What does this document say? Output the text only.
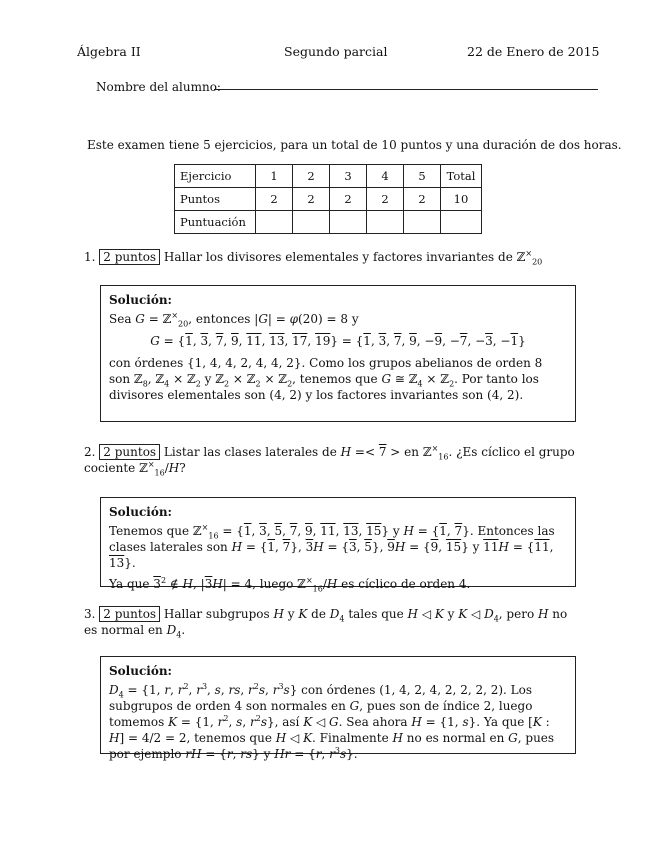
Álgebra II	Segundo parcial	22 de Enero de 2015
Nombre del alumno:
Este examen tiene 5 ejercicios, para un total de 10 puntos y una duración de dos horas.
Ejercicio	1	2	3	4	5	Total
Puntos	2	2	2	2	2	10
Puntuación						
1. 2 puntos Hallar los divisores elementales y factores invariantes de ℤ×$_{20}$
Solución:
Sea G = ℤ×$_{20}$, entonces |G| = φ(20) = 8 y
G = {1, 3, 7, 9, 11, 13, 17, 19} = {1, 3, 7, 9, −9, −7, −3, −1}
con órdenes {1, 4, 4, 2, 4, 4, 2}. Como los grupos abelianos de orden 8 son ℤ$_8$, ℤ$_4$ × ℤ$_2$ y ℤ$_2$ × ℤ$_2$ × ℤ$_2$, tenemos que G ≅ ℤ$_4$ × ℤ$_2$. Por tanto los divisores elementales son (4, 2) y los factores invariantes son (4, 2).
2. 2 puntos Listar las clases laterales de H =< 7 > en ℤ×$_{16}$. ¿Es cíclico el grupo cociente ℤ×$_{16}$/H?
Solución:
Tenemos que ℤ×$_{16}$ = {1, 3, 5, 7, 9, 11, 13, 15} y H = {1, 7}. Entonces las clases laterales son H = {1, 7}, 3H = {3, 5}, 9H = {9, 15} y 11H = {11, 13}.
Ya que $3^2$ ∉ H, |3H| = 4, luego ℤ×$_{16}$/H es cíclico de orden 4.
3. 2 puntos Hallar subgrupos H y K de $D_4$ tales que H ◁ K y K ◁ $D_4$, pero H no es normal en $D_4$.
Solución:
$D_4 = \{1$, r, $r^2$, $r^3$, s, rs, $r^2s$, $r^3s$} con órdenes (1, 4, 2, 4, 2, 2, 2, 2). Los subgrupos de orden 4 son normales en G, pues son de índice 2, luego tomemos K = {1, $r^2$, s, $r^2s$}, así K ◁ G. Sea ahora H = {1, s}. Ya que [K : H] = 4/2 = 2, tenemos que H ◁ K. Finalmente H no es normal en G, pues por ejemplo rH = {r, rs} y Hr = {r, $r^3s$}.
